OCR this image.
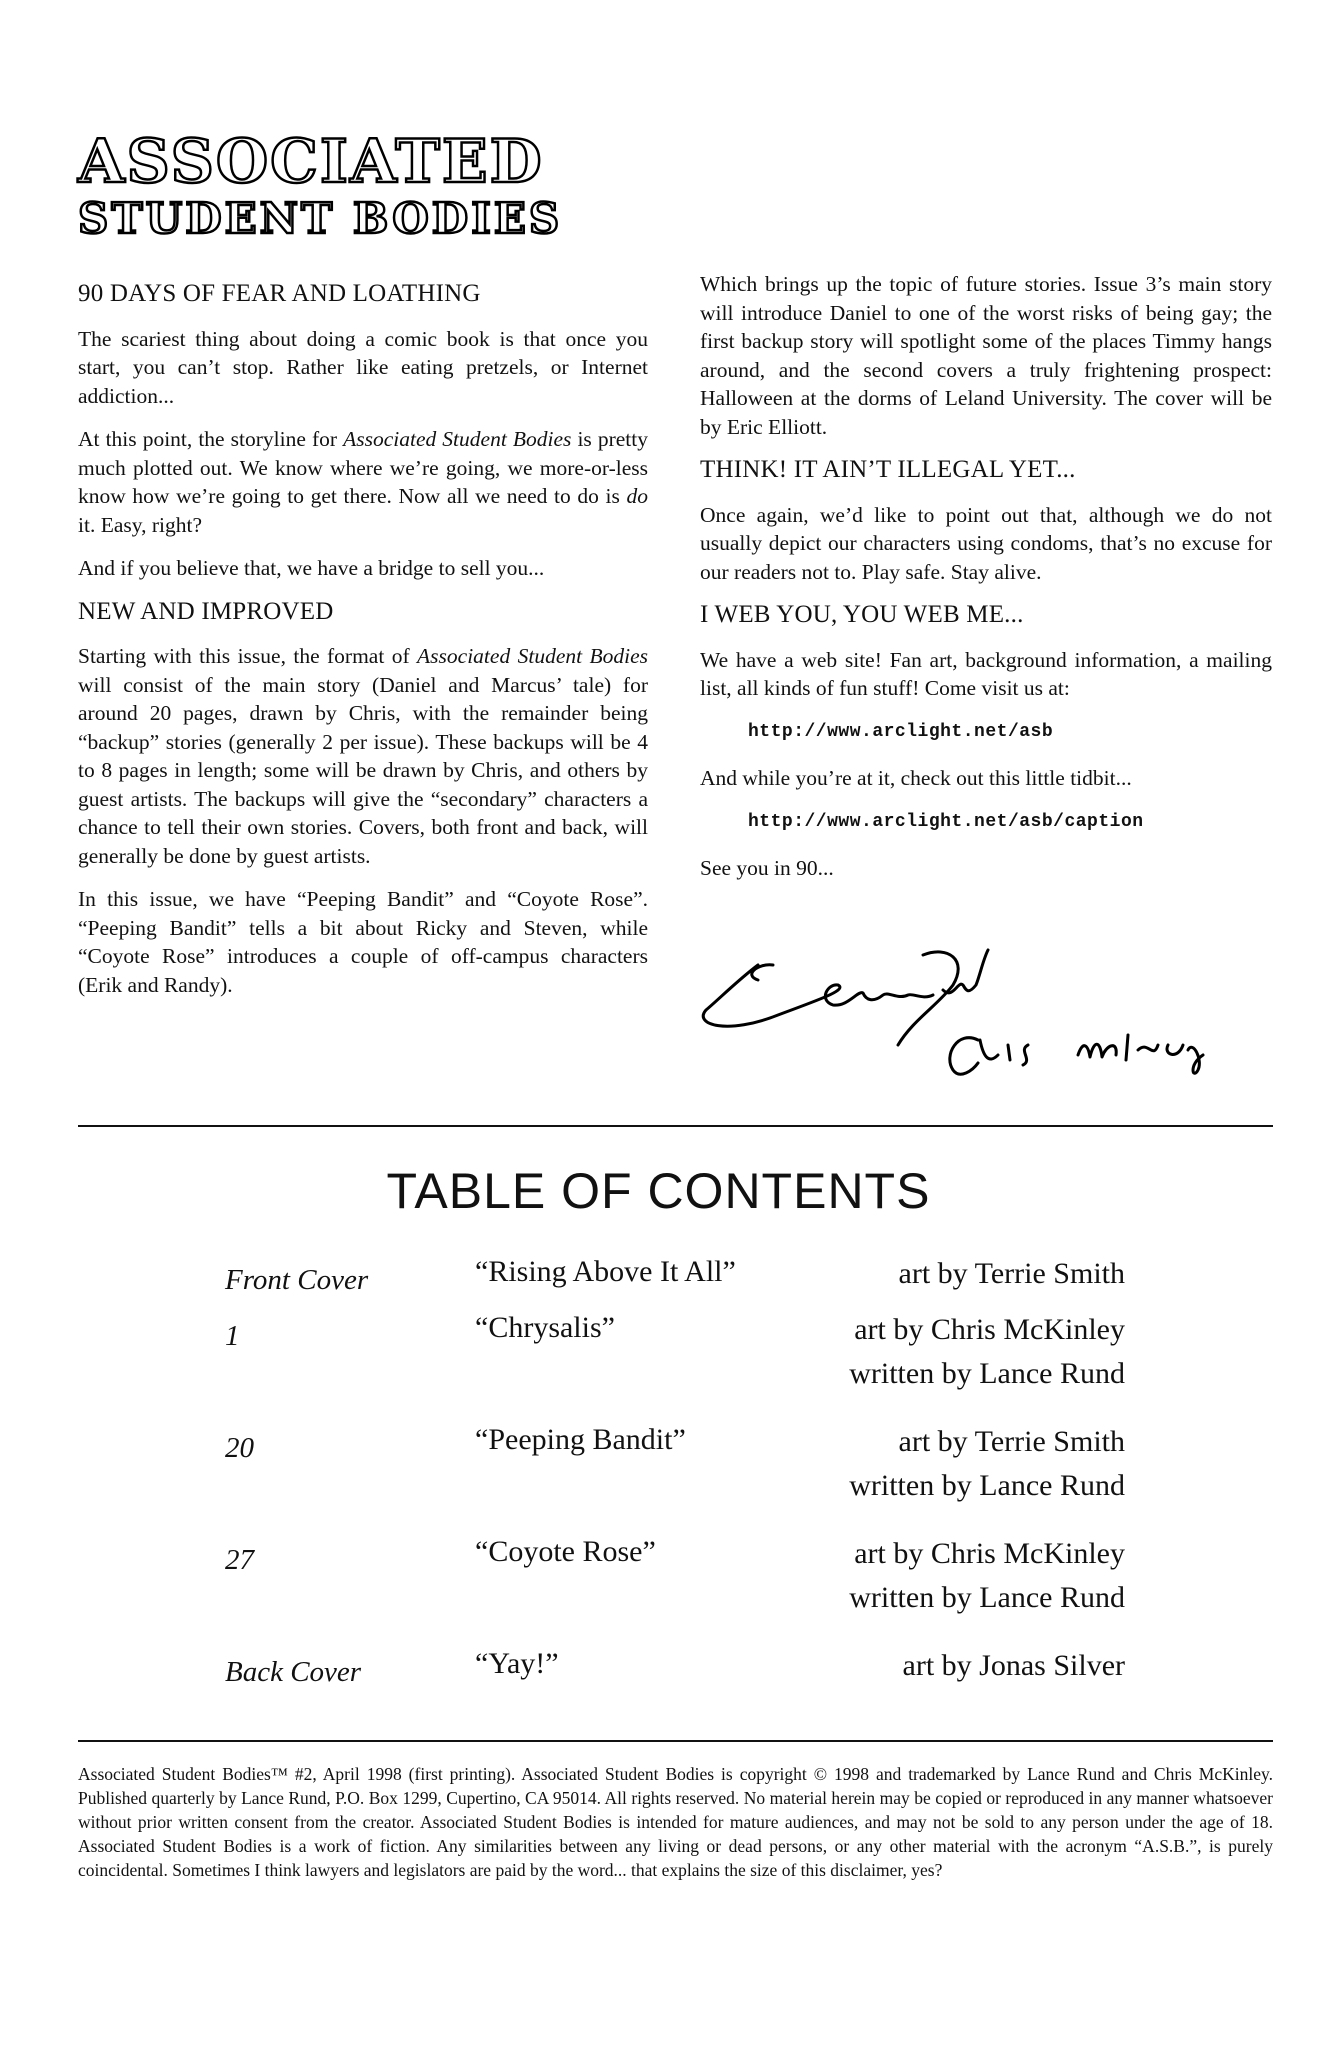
ASSOCIATED
STUDENT BODIES
90 DAYS OF FEAR AND LOATHING

The scariest thing about doing a comic book is that once you start, you can’t stop. Rather like eating pretzels, or Internet addiction...

At this point, the storyline for Associated Student Bodies is pretty much plotted out. We know where we’re going, we more-or-less know how we’re going to get there. Now all we need to do is do it. Easy, right?

And if you believe that, we have a bridge to sell you...

NEW AND IMPROVED

Starting with this issue, the format of Associated Student Bodies will consist of the main story (Daniel and Marcus’ tale) for around 20 pages, drawn by Chris, with the remainder being “backup” stories (generally 2 per issue). These backups will be 4 to 8 pages in length; some will be drawn by Chris, and others by guest artists. The backups will give the “secondary” characters a chance to tell their own stories. Covers, both front and back, will generally be done by guest artists.

In this issue, we have “Peeping Bandit” and “Coyote Rose”. “Peeping Bandit” tells a bit about Ricky and Steven, while “Coyote Rose” introduces a couple of off-campus characters (Erik and Randy).

Which brings up the topic of future stories. Issue 3’s main story will introduce Daniel to one of the worst risks of being gay; the first backup story will spotlight some of the places Timmy hangs around, and the second covers a truly frightening prospect: Halloween at the dorms of Leland University. The cover will be by Eric Elliott.

THINK! IT AIN’T ILLEGAL YET...

Once again, we’d like to point out that, although we do not usually depict our characters using condoms, that’s no excuse for our readers not to. Play safe. Stay alive.

I WEB YOU, YOU WEB ME...

We have a web site! Fan art, background information, a mailing list, all kinds of fun stuff! Come visit us at:

http://www.arclight.net/asb

And while you’re at it, check out this little tidbit...

http://www.arclight.net/asb/caption

See you in 90...

TABLE OF CONTENTS
Front Cover	“Rising Above It All”	art by Terrie Smith
1	“Chrysalis”	art by Chris McKinley
written by Lance Rund
20	“Peeping Bandit”	art by Terrie Smith
written by Lance Rund
27	“Coyote Rose”	art by Chris McKinley
written by Lance Rund
Back Cover	“Yay!”	art by Jonas Silver
Associated Student Bodies™ #2, April 1998 (first printing). Associated Student Bodies is copyright © 1998 and trademarked by Lance Rund and Chris McKinley. Published quarterly by Lance Rund, P.O. Box 1299, Cupertino, CA 95014. All rights reserved. No material herein may be copied or reproduced in any manner whatsoever without prior written consent from the creator. Associated Student Bodies is intended for mature audiences, and may not be sold to any person under the age of 18. Associated Student Bodies is a work of fiction. Any similarities between any living or dead persons, or any other material with the acronym “A.S.B.”, is purely coincidental. Sometimes I think lawyers and legislators are paid by the word... that explains the size of this disclaimer, yes?
